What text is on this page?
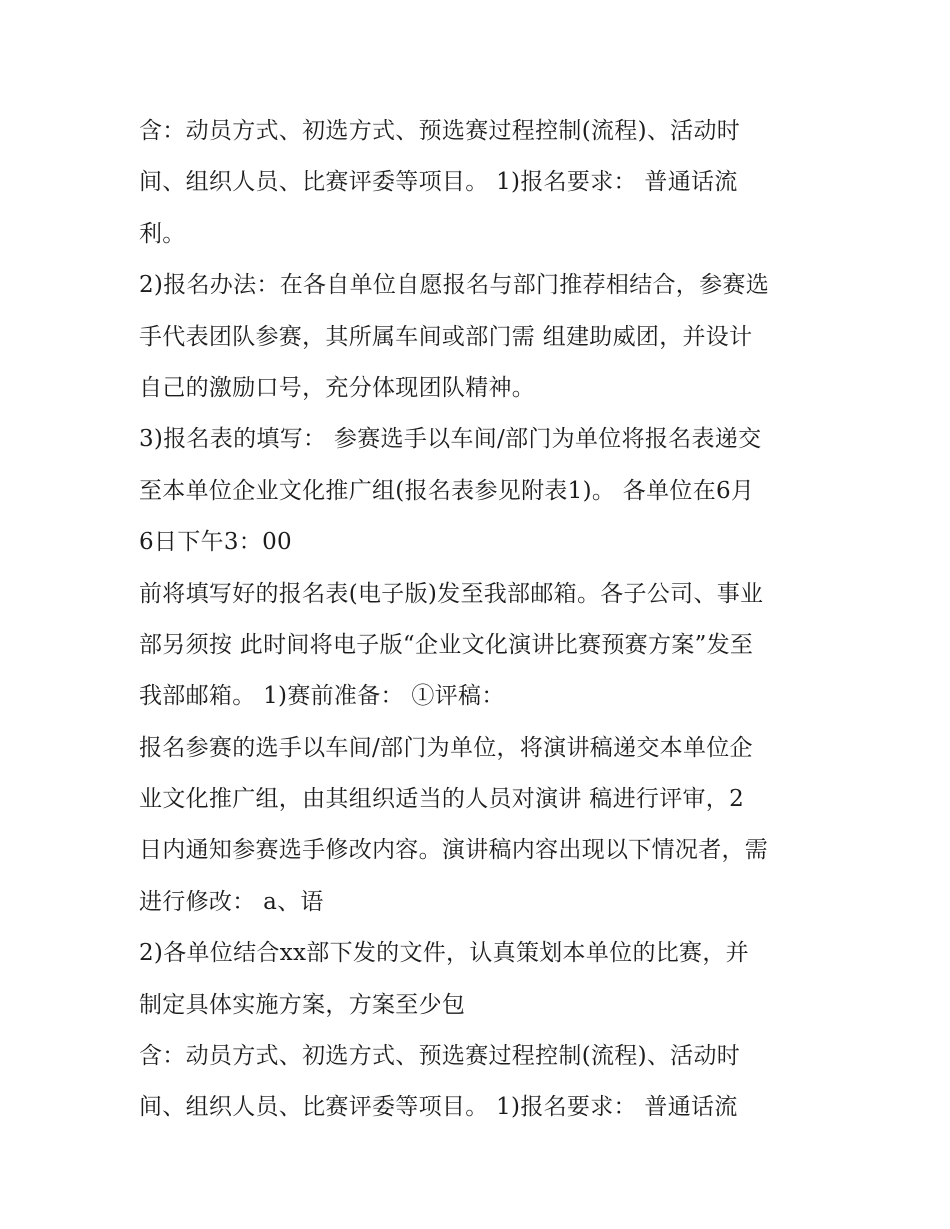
含：动员方式、初选方式、预选赛过程控制(流程)、活动时
间、组织人员、比赛评委等项目。 1)报名要求： 普通话流
利。
2)报名办法：在各自单位自愿报名与部门推荐相结合，参赛选
手代表团队参赛，其所属车间或部门需 组建助威团，并设计
自己的激励口号，充分体现团队精神。
3)报名表的填写： 参赛选手以车间/部门为单位将报名表递交
至本单位企业文化推广组(报名表参见附表1)。 各单位在6月
6日下午3：00
前将填写好的报名表(电子版)发至我部邮箱。各子公司、事业
部另须按 此时间将电子版“企业文化演讲比赛预赛方案”发至
我部邮箱。 1)赛前准备： ①评稿：
报名参赛的选手以车间/部门为单位，将演讲稿递交本单位企
业文化推广组，由其组织适当的人员对演讲 稿进行评审，2
日内通知参赛选手修改内容。演讲稿内容出现以下情况者，需
进行修改： a、语
2)各单位结合xx部下发的文件，认真策划本单位的比赛，并
制定具体实施方案，方案至少包
含：动员方式、初选方式、预选赛过程控制(流程)、活动时
间、组织人员、比赛评委等项目。 1)报名要求： 普通话流
